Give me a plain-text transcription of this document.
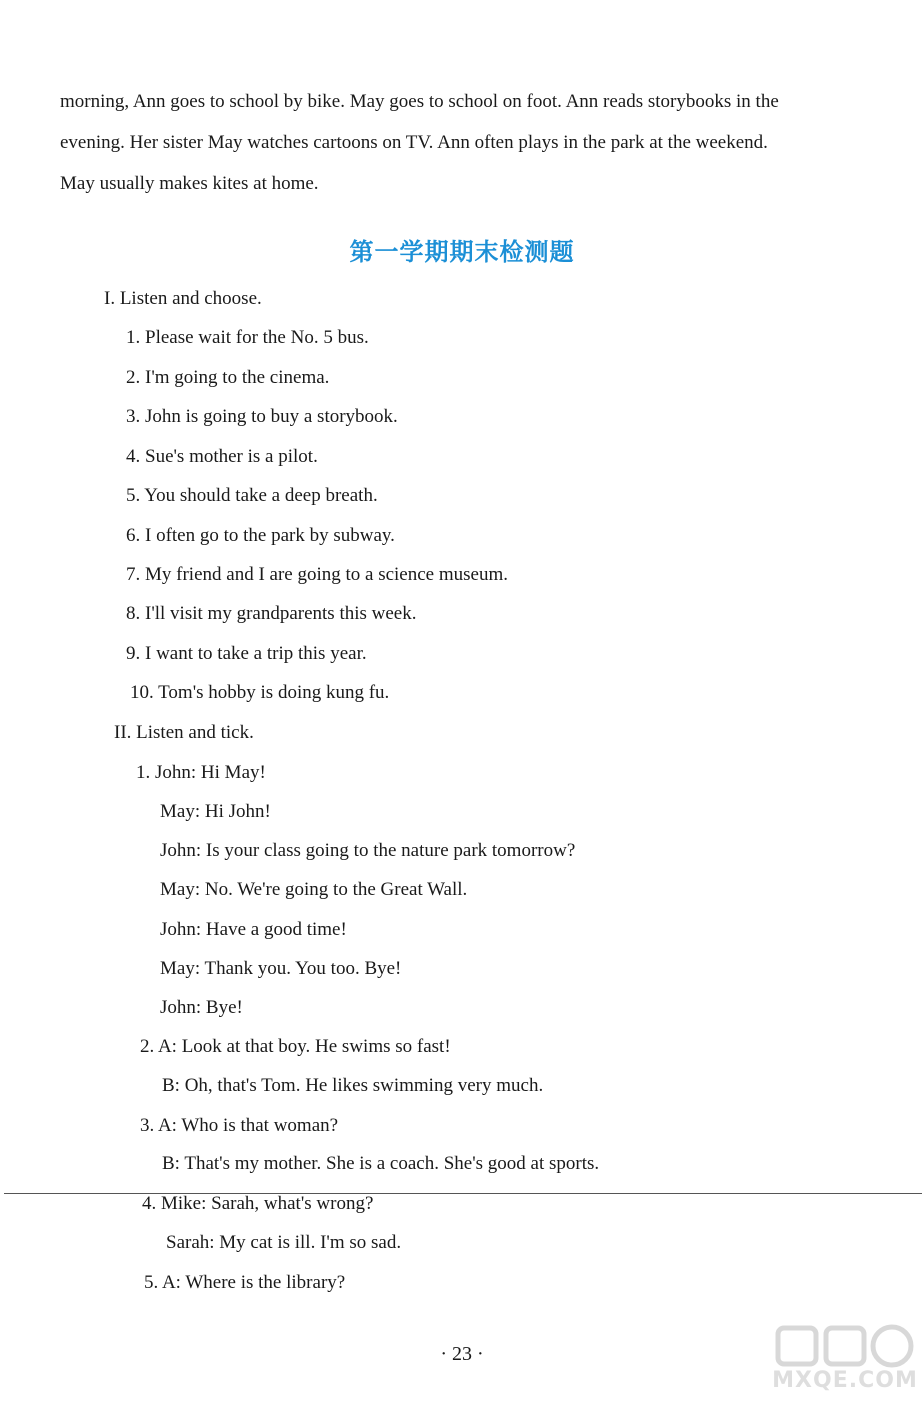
morning, Ann goes to school by bike. May goes to school on foot. Ann reads storybooks in the
evening. Her sister May watches cartoons on TV. Ann often plays in the park at the weekend.
May usually makes kites at home.
第一学期期末检测题
I. Listen and choose.
1. Please wait for the No. 5 bus.
2. I'm going to the cinema.
3. John is going to buy a storybook.
4. Sue's mother is a pilot.
5. You should take a deep breath.
6. I often go to the park by subway.
7. My friend and I are going to a science museum.
8. I'll visit my grandparents this week.
9. I want to take a trip this year.
10. Tom's hobby is doing kung fu.
II. Listen and tick.
1. John: Hi May!
May: Hi John!
John: Is your class going to the nature park tomorrow?
May: No. We're going to the Great Wall.
John: Have a good time!
May: Thank you. You too. Bye!
John: Bye!
2. A: Look at that boy. He swims so fast!
B: Oh, that's Tom. He likes swimming very much.
3. A: Who is that woman?
B: That's my mother. She is a coach. She's good at sports.
4. Mike: Sarah, what's wrong?
Sarah: My cat is ill. I'm so sad.
5. A: Where is the library?
· 23 ·
MXQE.COM
